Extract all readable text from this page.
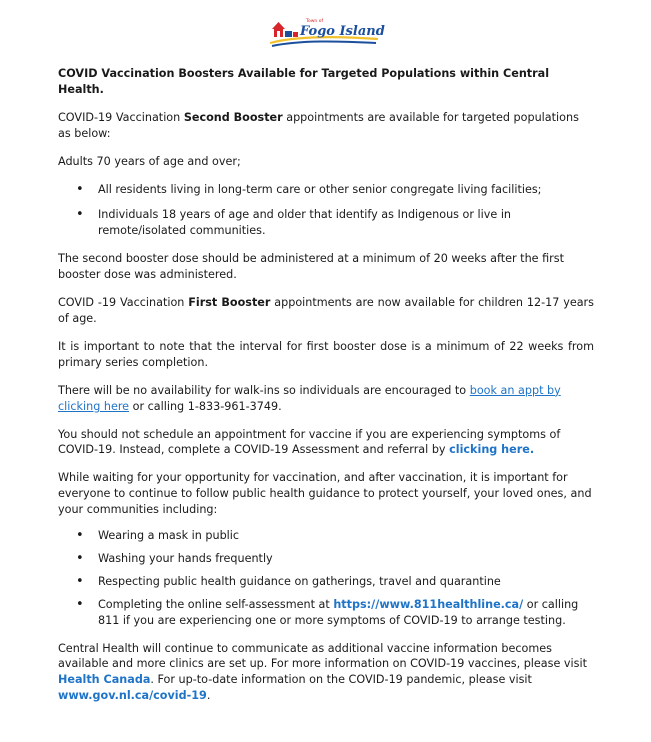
Town of
Fogo Island

COVID Vaccination Boosters Available for Targeted Populations within Central Health.

COVID-19 Vaccination Second Booster appointments are available for targeted populations as below:

Adults 70 years of age and over;

• All residents living in long-term care or other senior congregate living facilities;
• Individuals 18 years of age and older that identify as Indigenous or live in remote/isolated communities.

The second booster dose should be administered at a minimum of 20 weeks after the first booster dose was administered.

COVID -19 Vaccination First Booster appointments are now available for children 12-17 years of age.

It is important to note that the interval for first booster dose is a minimum of 22 weeks from primary series completion.

There will be no availability for walk-ins so individuals are encouraged to book an appt by clicking here or calling 1-833-961-3749.

You should not schedule an appointment for vaccine if you are experiencing symptoms of COVID-19. Instead, complete a COVID-19 Assessment and referral by clicking here.

While waiting for your opportunity for vaccination, and after vaccination, it is important for everyone to continue to follow public health guidance to protect yourself, your loved ones, and your communities including:

• Wearing a mask in public
• Washing your hands frequently
• Respecting public health guidance on gatherings, travel and quarantine
• Completing the online self-assessment at https://www.811healthline.ca/ or calling 811 if you are experiencing one or more symptoms of COVID-19 to arrange testing.

Central Health will continue to communicate as additional vaccine information becomes available and more clinics are set up. For more information on COVID-19 vaccines, please visit Health Canada. For up-to-date information on the COVID-19 pandemic, please visit www.gov.nl.ca/covid-19.
